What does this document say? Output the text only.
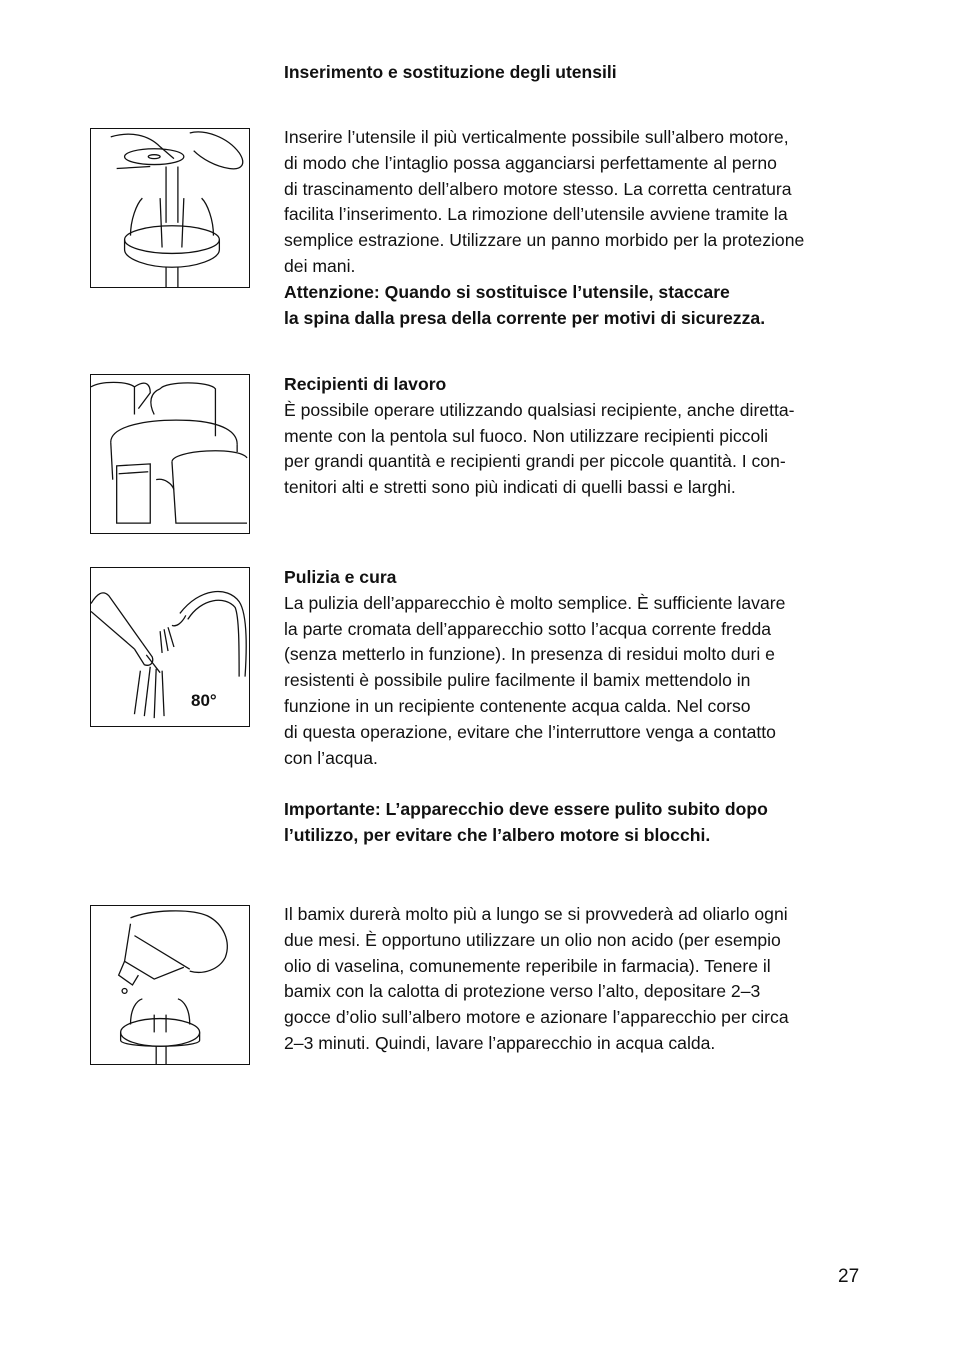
Inserimento e sostituzione degli utensili
Inserire l’utensile il più verticalmente possibile sull’albero motore,
di modo che l’intaglio possa agganciarsi perfettamente al perno
di trascinamento dell’albero motore stesso. La corretta centratura
facilita l’inserimento. La rimozione dell’utensile avviene tramite la
semplice estrazione. Utilizzare un panno morbido per la protezione
dei mani.
Attenzione: Quando si sostituisce l’utensile, staccare
la spina dalla presa della corrente per motivi di sicurezza.
Recipienti di lavoro
È possibile operare utilizzando qualsiasi recipiente, anche diretta-
mente con la pentola sul fuoco. Non utilizzare recipienti piccoli
per grandi quantità e recipienti grandi per piccole quantità. I con-
tenitori alti e stretti sono più indicati di quelli bassi e larghi.
80°
Pulizia e cura
La pulizia dell’apparecchio è molto semplice. È sufficiente lavare
la parte cromata dell’apparecchio sotto l’acqua corrente fredda
(senza metterlo in funzione). In presenza di residui molto duri e
resistenti è possibile pulire facilmente il bamix mettendolo in
funzione in un recipiente contenente acqua calda. Nel corso
di questa operazione, evitare che l’interruttore venga a contatto
con l’acqua.
Importante: L’apparecchio deve essere pulito subito dopo
l’utilizzo, per evitare che l’albero motore si blocchi.
Il bamix durerà molto più a lungo se si provvederà ad oliarlo ogni
due mesi. È opportuno utilizzare un olio non acido (per esempio
olio di vaselina, comunemente reperibile in farmacia). Tenere il
bamix con la calotta di protezione verso l’alto, depositare 2–3
gocce d’olio sull’albero motore e azionare l’apparecchio per circa
2–3 minuti. Quindi, lavare l’apparecchio in acqua calda.
27
